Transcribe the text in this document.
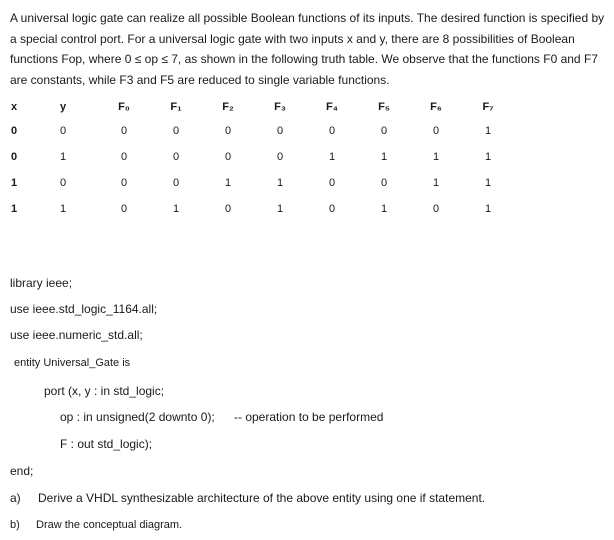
A universal logic gate can realize all possible Boolean functions of its inputs. The desired function is specified by a special control port. For a universal logic gate with two inputs x and y, there are 8 possibilities of Boolean functions Fop, where 0 ≤ op ≤ 7, as shown in the following truth table. We observe that the functions F0 and F7 are constants, while F3 and F5 are reduced to single variable functions.

x	y	F₀	F₁	F₂	F₃	F₄	F₅	F₆	F₇
0	0	0	0	0	0	0	0	0	1
0	1	0	0	0	0	1	1	1	1
1	0	0	0	1	1	0	0	1	1
1	1	0	1	0	1	0	1	0	1

library ieee;

use ieee.std_logic_1164.all;

use ieee.numeric_std.all;

entity Universal_Gate is

port (x, y : in std_logic;

op : in unsigned(2 downto 0); -- operation to be performed

F : out std_logic);

end;

a) Derive a VHDL synthesizable architecture of the above entity using one if statement.

b) Draw the conceptual diagram.
